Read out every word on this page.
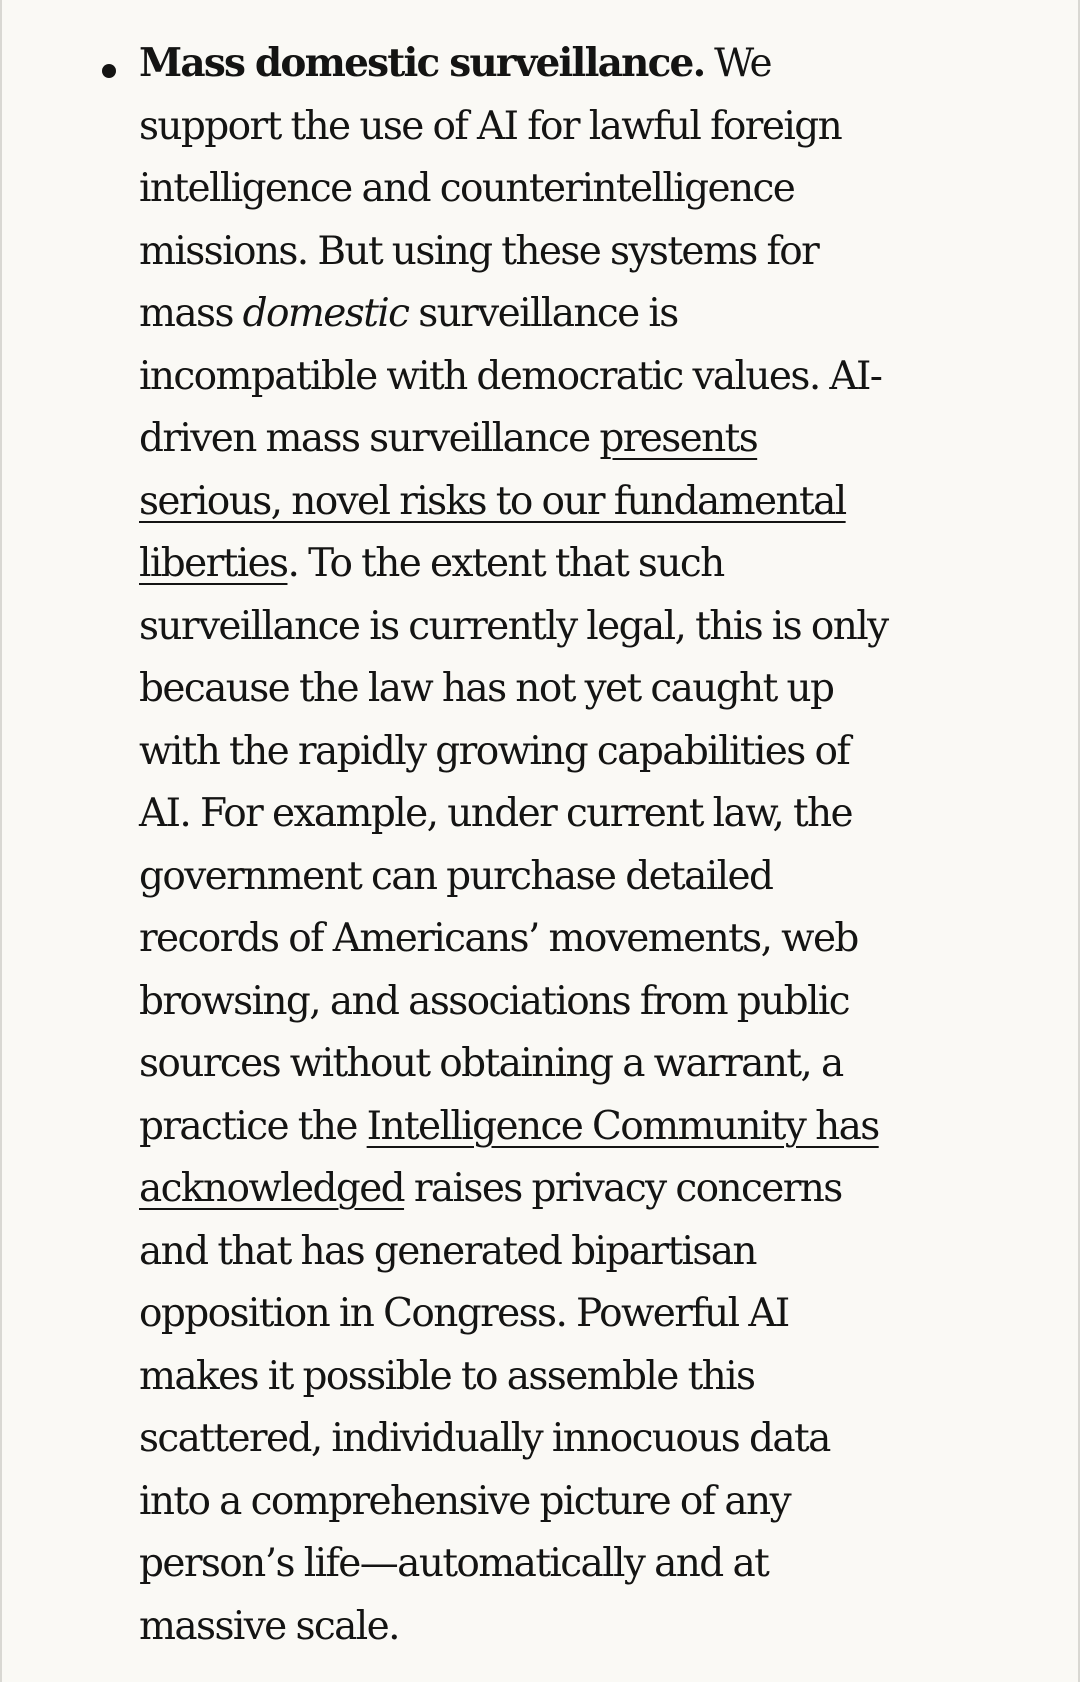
Mass domestic surveillance. We
support the use of AI for lawful foreign
intelligence and counterintelligence
missions. But using these systems for
mass domestic surveillance is
incompatible with democratic values. AI-
driven mass surveillance presents
serious, novel risks to our fundamental
liberties. To the extent that such
surveillance is currently legal, this is only
because the law has not yet caught up
with the rapidly growing capabilities of
AI. For example, under current law, the
government can purchase detailed
records of Americans’ movements, web
browsing, and associations from public
sources without obtaining a warrant, a
practice the Intelligence Community has
acknowledged raises privacy concerns
and that has generated bipartisan
opposition in Congress. Powerful AI
makes it possible to assemble this
scattered, individually innocuous data
into a comprehensive picture of any
person’s life—automatically and at
massive scale.
